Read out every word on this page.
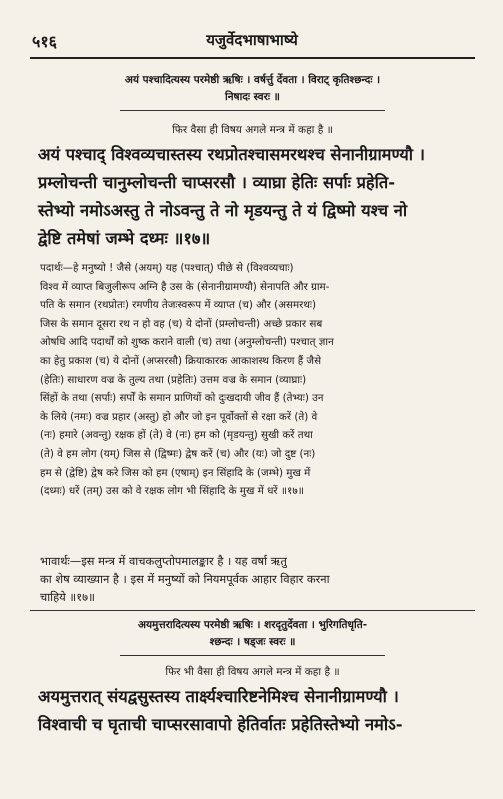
५१६	यजुर्वेदभाषाभाष्ये
अयं पश्चादित्यस्य परमेष्ठी ऋषिः । वर्षर्त्तु र्देवता । विराट् कृतिश्छन्दः ।
निषादः स्वरः ॥
फिर वैसा ही विषय अगले मन्त्र में कहा है ॥
अयं पश्चाद् विश्वव्यचास्तस्य रथप्रोतश्चासमरथश्च सेनानीग्रामण्यौ ।
प्रम्लोचन्ती चानुम्लोचन्ती चाप्सरसौ । व्याघ्रा हेतिः सर्पाः प्रहेति-
स्तेभ्यो नमोऽअस्तु ते नोऽवन्तु ते नो मृडयन्तु ते यं द्विष्मो यश्च नो
द्वेष्टि तमेषां जम्भे दध्मः ॥१७॥
पदार्थः—हे मनुष्यो ! जैसे (अयम्) यह (पश्चात्) पीछे से (विश्वव्यचाः)
विश्व में व्याप्त बिजुलीरूप अग्नि है उस के (सेनानीग्रामण्यौ) सेनापति और ग्राम-
पति के समान (रथप्रोतः) रमणीय तेजःस्वरूप में व्याप्त (च) और (असमरथः)
जिस के समान दूसरा रथ न हो वह (च) ये दोनों (प्रम्लोचन्ती) अच्छे प्रकार सब
ओषधि आदि पदार्थों को शुष्क कराने वाली (च) तथा (अनुम्लोचन्ती) पश्चात् ज्ञान
का हेतु प्रकाश (च) ये दोनों (अप्सरसौ) क्रियाकारक आकाशस्थ किरण हैं जैसे
(हेतिः) साधारण वज्र के तुल्य तथा (प्रहेतिः) उत्तम वज्र के समान (व्याघ्राः)
सिंहों के तथा (सर्पाः) सर्पों के समान प्राणियों को दुःखदायी जीव हैं (तेभ्यः) उन
के लिये (नमः) वज्र प्रहार (अस्तु) हो और जो इन पूर्वोक्तों से रक्षा करें (ते) वे
(नः) हमारे (अवन्तु) रक्षक हों (ते) वे (नः) हम को (मृडयन्तु) सुखी करें तथा
(ते) वे हम लोग (यम्) जिस से (द्विष्मः) द्वेष करें (च) और (यः) जो दुष्ट (नः)
हम से (द्वेष्टि) द्वेष करे जिस को हम (एषाम्) इन सिंहादि के (जम्भे) मुख में
(दध्मः) धरें (तम्) उस को वे रक्षक लोग भी सिंहादि के मुख में धरें ॥१७॥
भावार्थः—इस मन्त्र में वाचकलुप्तोपमालङ्कार है । यह वर्षा ऋतु
का शेष व्याख्यान है । इस में मनुष्यों को नियमपूर्वक आहार विहार करना
चाहिये ॥१७॥
अयमुत्तरादित्यस्य परमेष्ठी ऋषिः । शरदृतुर्देवता । भुरिगतिधृति-
श्छन्दः । षड्जः स्वरः ॥
फिर भी वैसा ही विषय अगले मन्त्र में कहा है ॥
अयमुत्तरात् संयद्वसुस्तस्य तार्क्ष्यश्चारिष्टनेमिश्च सेनानीग्रामण्यौ ।
विश्वाची च घृताची चाप्सरसावापो हेतिर्वातः प्रहेतिस्तेभ्यो नमोऽ-
